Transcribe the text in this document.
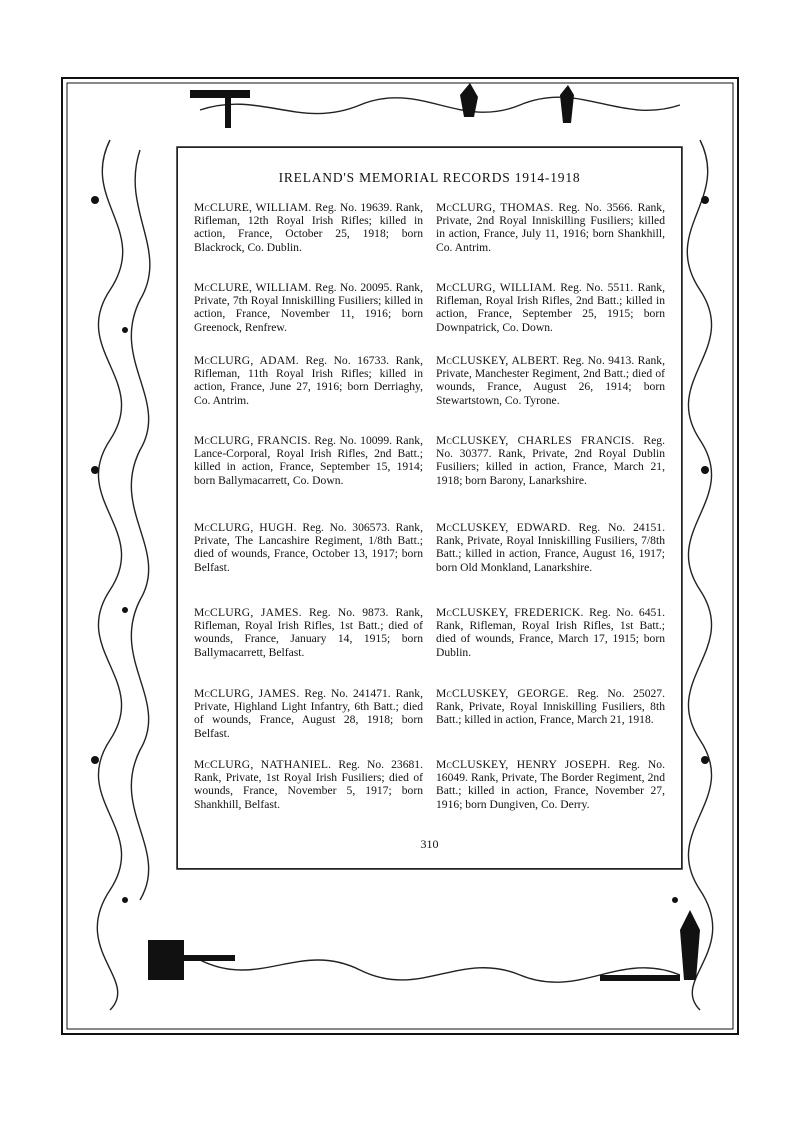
IRELAND'S MEMORIAL RECORDS 1914-1918
McCLURE, WILLIAM. Reg. No. 19639. Rank, Rifleman, 12th Royal Irish Rifles; killed in action, France, October 25, 1918; born Blackrock, Co. Dublin.
McCLURE, WILLIAM. Reg. No. 20095. Rank, Private, 7th Royal Inniskilling Fusiliers; killed in action, France, November 11, 1916; born Greenock, Renfrew.
McCLURG, ADAM. Reg. No. 16733. Rank, Rifleman, 11th Royal Irish Rifles; killed in action, France, June 27, 1916; born Derriaghy, Co. Antrim.
McCLURG, FRANCIS. Reg. No. 10099. Rank, Lance-Corporal, Royal Irish Rifles, 2nd Batt.; killed in action, France, September 15, 1914; born Ballymacarrett, Co. Down.
McCLURG, HUGH. Reg. No. 306573. Rank, Private, The Lancashire Regiment, 1/8th Batt.; died of wounds, France, October 13, 1917; born Belfast.
McCLURG, JAMES. Reg. No. 9873. Rank, Rifleman, Royal Irish Rifles, 1st Batt.; died of wounds, France, January 14, 1915; born Ballymacarrett, Belfast.
McCLURG, JAMES. Reg. No. 241471. Rank, Private, Highland Light Infantry, 6th Batt.; died of wounds, France, August 28, 1918; born Belfast.
McCLURG, NATHANIEL. Reg. No. 23681. Rank, Private, 1st Royal Irish Fusiliers; died of wounds, France, November 5, 1917; born Shankhill, Belfast.
McCLURG, THOMAS. Reg. No. 3566. Rank, Private, 2nd Royal Inniskilling Fusiliers; killed in action, France, July 11, 1916; born Shankhill, Co. Antrim.
McCLURG, WILLIAM. Reg. No. 5511. Rank, Rifleman, Royal Irish Rifles, 2nd Batt.; killed in action, France, September 25, 1915; born Downpatrick, Co. Down.
McCLUSKEY, ALBERT. Reg. No. 9413. Rank, Private, Manchester Regiment, 2nd Batt.; died of wounds, France, August 26, 1914; born Stewartstown, Co. Tyrone.
McCLUSKEY, CHARLES FRANCIS. Reg. No. 30377. Rank, Private, 2nd Royal Dublin Fusiliers; killed in action, France, March 21, 1918; born Barony, Lanarkshire.
McCLUSKEY, EDWARD. Reg. No. 24151. Rank, Private, Royal Inniskilling Fusiliers, 7/8th Batt.; killed in action, France, August 16, 1917; born Old Monkland, Lanarkshire.
McCLUSKEY, FREDERICK. Reg. No. 6451. Rank, Rifleman, Royal Irish Rifles, 1st Batt.; died of wounds, France, March 17, 1915; born Dublin.
McCLUSKEY, GEORGE. Reg. No. 25027. Rank, Private, Royal Inniskilling Fusiliers, 8th Batt.; killed in action, France, March 21, 1918.
McCLUSKEY, HENRY JOSEPH. Reg. No. 16049. Rank, Private, The Border Regiment, 2nd Batt.; killed in action, France, November 27, 1916; born Dungiven, Co. Derry.
310
